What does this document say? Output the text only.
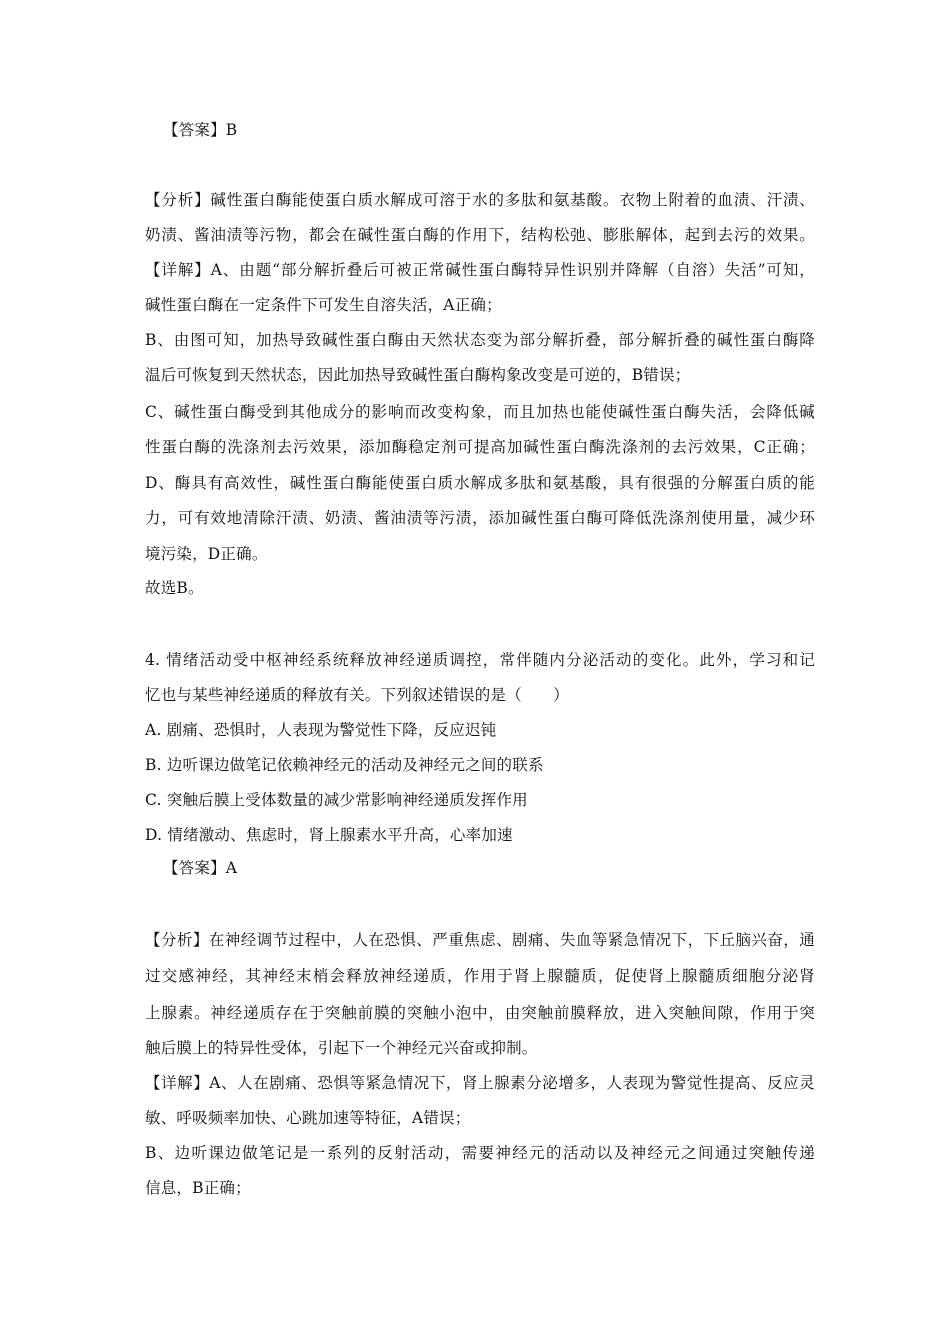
【答案】B
【分析】碱性蛋白酶能使蛋白质水解成可溶于水的多肽和氨基酸。衣物上附着的血渍、汗渍、
奶渍、酱油渍等污物，都会在碱性蛋白酶的作用下，结构松弛、膨胀解体，起到去污的效果。
【详解】A、由题“部分解折叠后可被正常碱性蛋白酶特异性识别并降解（自溶）失活”可知，
碱性蛋白酶在一定条件下可发生自溶失活，A正确；
B、由图可知，加热导致碱性蛋白酶由天然状态变为部分解折叠，部分解折叠的碱性蛋白酶降
温后可恢复到天然状态，因此加热导致碱性蛋白酶构象改变是可逆的，B错误；
C、碱性蛋白酶受到其他成分的影响而改变构象，而且加热也能使碱性蛋白酶失活，会降低碱
性蛋白酶的洗涤剂去污效果，添加酶稳定剂可提高加碱性蛋白酶洗涤剂的去污效果，C正确；
D、酶具有高效性，碱性蛋白酶能使蛋白质水解成多肽和氨基酸，具有很强的分解蛋白质的能
力，可有效地清除汗渍、奶渍、酱油渍等污渍，添加碱性蛋白酶可降低洗涤剂使用量，减少环
境污染，D正确。
故选B。
4. 情绪活动受中枢神经系统释放神经递质调控，常伴随内分泌活动的变化。此外，学习和记
忆也与某些神经递质的释放有关。下列叙述错误的是（　　）
A. 剧痛、恐惧时，人表现为警觉性下降，反应迟钝
B. 边听课边做笔记依赖神经元的活动及神经元之间的联系
C. 突触后膜上受体数量的减少常影响神经递质发挥作用
D. 情绪激动、焦虑时，肾上腺素水平升高，心率加速
【答案】A
【分析】在神经调节过程中，人在恐惧、严重焦虑、剧痛、失血等紧急情况下，下丘脑兴奋，通
过交感神经，其神经末梢会释放神经递质，作用于肾上腺髓质，促使肾上腺髓质细胞分泌肾
上腺素。神经递质存在于突触前膜的突触小泡中，由突触前膜释放，进入突触间隙，作用于突
触后膜上的特异性受体，引起下一个神经元兴奋或抑制。
【详解】A、人在剧痛、恐惧等紧急情况下，肾上腺素分泌增多，人表现为警觉性提高、反应灵
敏、呼吸频率加快、心跳加速等特征，A错误；
B、边听课边做笔记是一系列的反射活动，需要神经元的活动以及神经元之间通过突触传递
信息，B正确；
